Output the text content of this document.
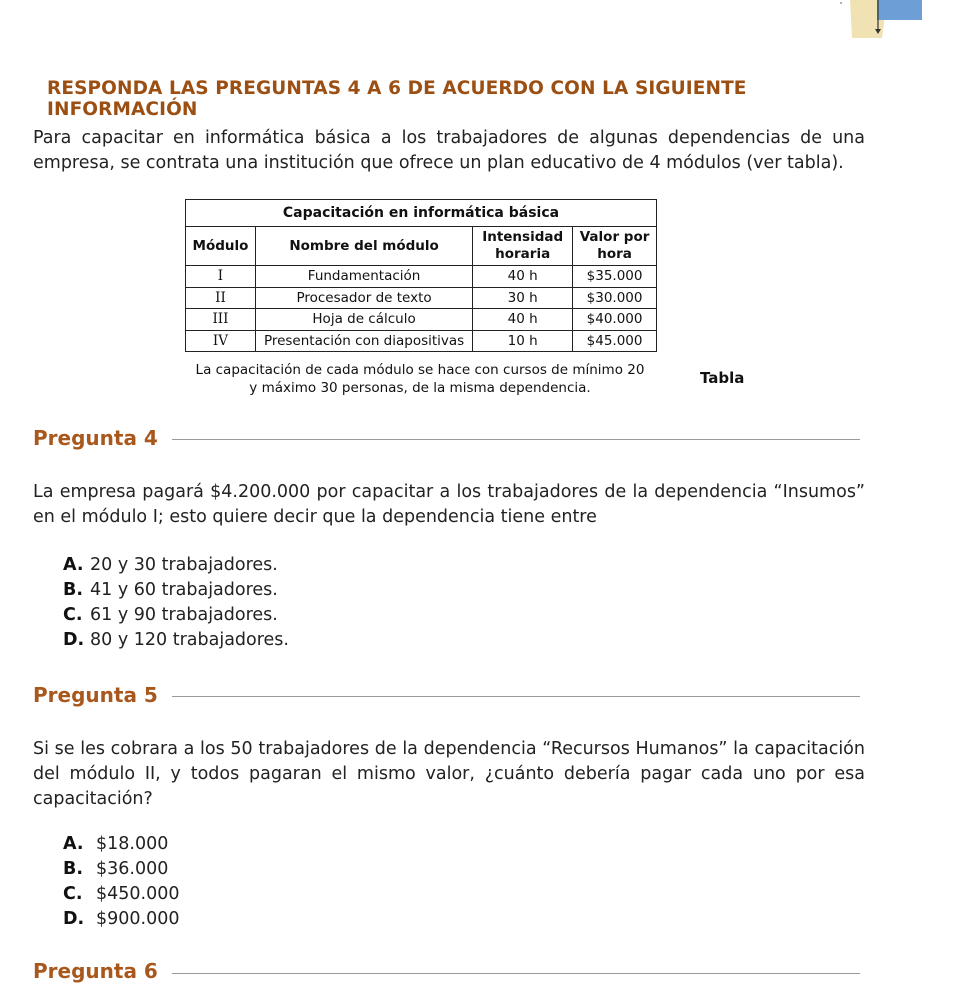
RESPONDA LAS PREGUNTAS 4 A 6 DE ACUERDO CON LA SIGUIENTE INFORMACIÓN

Para capacitar en informática básica a los trabajadores de algunas dependencias de una empresa, se contrata una institución que ofrece un plan educativo de 4 módulos (ver tabla).

Capacitación en informática básica			
Módulo	Nombre del módulo	Intensidad horaria	Valor por hora
I	Fundamentación	40 h	$35.000
II	Procesador de texto	30 h	$30.000
III	Hoja de cálculo	40 h	$40.000
IV	Presentación con diapositivas	10 h	$45.000
La capacitación de cada módulo se hace con cursos de mínimo 20
y máximo 30 personas, de la misma dependencia.
Tabla
Pregunta 4

La empresa pagará $4.200.000 por capacitar a los trabajadores de la dependencia “Insumos” en el módulo I; esto quiere decir que la dependencia tiene entre

A. 20 y 30 trabajadores.
B. 41 y 60 trabajadores.
C. 61 y 90 trabajadores.
D. 80 y 120 trabajadores.
Pregunta 5

Si se les cobrara a los 50 trabajadores de la dependencia “Recursos Humanos” la capacitación del módulo II, y todos pagaran el mismo valor, ¿cuánto debería pagar cada uno por esa capacitación?

A. $18.000
B. $36.000
C. $450.000
D. $900.000
Pregunta 6
